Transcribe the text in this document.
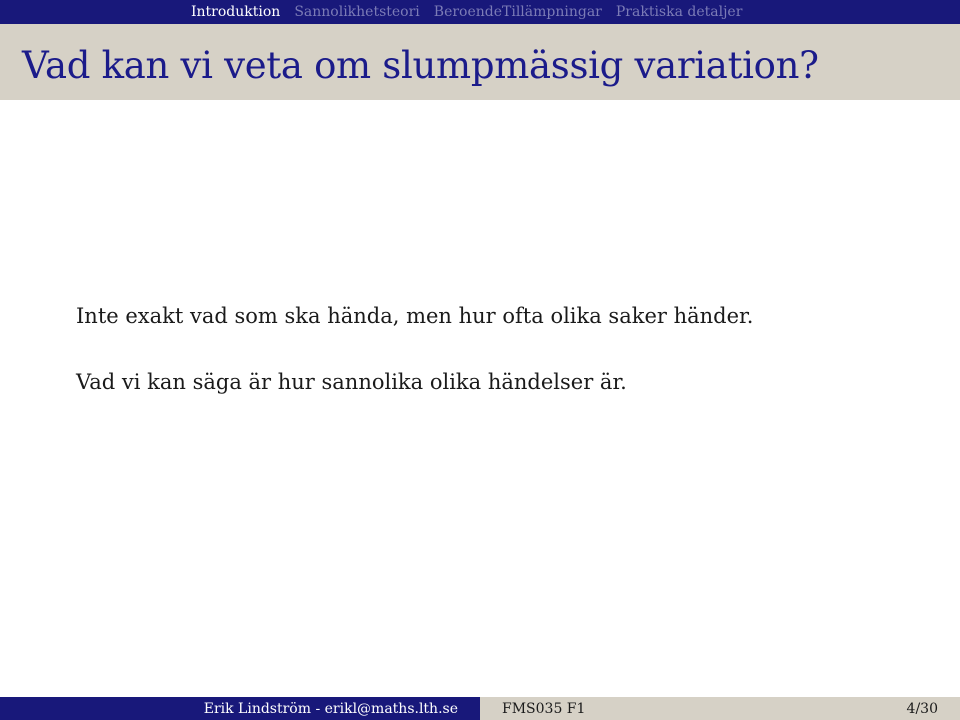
Introduktion Sannolikhetsteori Beroende Tillämpningar Praktiska detaljer
Vad kan vi veta om slumpmässig variation?

Inte exakt vad som ska hända, men hur ofta olika saker händer.

Vad vi kan säga är hur sannolika olika händelser är.

Erik Lindström - erikl@maths.lth.se	FMS035 F1	4/30
